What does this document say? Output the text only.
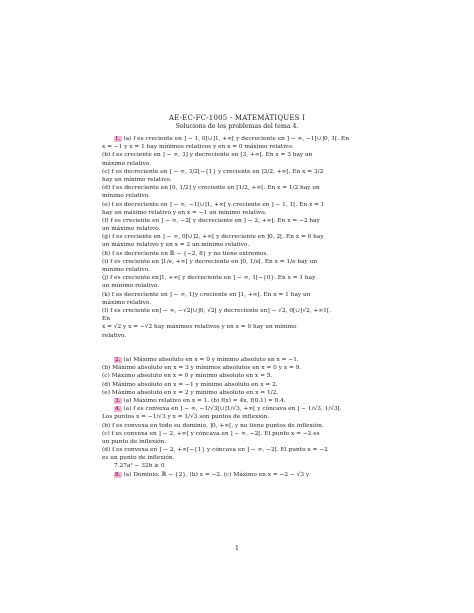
AE-EC-FC-1005 - MATEMÀTIQUES I
Solucions de los problemas del tema 4.
1. (a) f es creciente en ] − 1, 0[∪]1, +∞[ y decreciente en ] − ∞, −1[∪]0, 1[. En
x = −1 y x = 1 hay mínimos relativos y en x = 0 máximo relativo.
(b) f es creciente en ] − ∞, 3] y decreciente en [3, +∞[. En x = 3 hay un
máximo relativo.
(c) f es decreciente en ] − ∞, 3/2[−{1} y creciente en ]3/2, +∞[. En x = 3/2
hay un mínimo relativo.
(d) f es decreciente en [0, 1/2] y creciente en [1/2, +∞[. En x = 1/2 hay un
mínimo relativo.
(e) f es decreciente en ] − ∞, −1[∪]1, +∞[ y creciente en ] − 1, 1[. En x = 1
hay un máximo relativo y en x = −1 un mínimo relativo.
(f) f es creciente en ] − ∞, −2[ y decreciente en ] − 2, +∞[. En x = −2 hay
un máximo relativo.
(g) f es creciente en ] − ∞, 0[∪]2, +∞[ y decreciente en ]0, 2[. En x = 0 hay
un máximo relativo y en x = 2 un mínimo relativo.
(h) f es decreciente en ℝ − {−2, 8} y no tiene extremos.
(i) f es creciente en ]1/e, +∞[ y decreciente en ]0, 1/e[. En x = 1/e hay un
mínimo relativo.
(j) f es creciente en]1, +∞[ y decreciente en ] − ∞, 1[−{0}. En x = 1 hay
un mínimo relativo.
(k) f es decreciente en ] − ∞, 1[y creciente en ]1, +∞[. En x = 1 hay un
máximo relativo.
(l) f es creciente en] − ∞, −√2[∪]0, √2[ y decreciente en] − √2, 0[∪]√2, +∞1[.
En
x = √2 y x = −√2 hay máximos relativos y en x = 0 hay un mínimo
relativo.
2. (a) Máximo absoluto en x = 0 y mínimo absoluto en x = −1.
(b) Máximo absoluto en x = 3 y mínimos absolutos en x = 0 y x = 9.
(c) Máximo absoluto en x = 0 y mínimo absoluto en x = 5.
(d) Máximo absoluto en x = −1 y mínimo absoluto en x = 2.
(e) Máximo absoluto en x = 2 y mínimo absoluto en x = 1/2.
3. (a) Máximo relativo en x = 1. (b) f(x) ≃ 4x, f(0.1) ≃ 0.4.
4. (a) f es convexa en ] − ∞, −1/√3[∪]1/√3, +∞[ y cóncava en ] − 1/√3, 1/√3[.
Los puntos x = −1/√3 y x = 1/√3 son puntos de inflexión.
(b) f es convexa en todo su dominio, ]0, +∞[, y no tiene puntos de inflexión.
(c) f es convexa en ] − 2, +∞[ y cóncava en ] − ∞, −2[. El punto x = −2 es
un punto de inflexión.
(d) f es convexa en ] − 2, +∞[−{1} y cóncava en ] − ∞, −2[. El punto x = −2
es un punto de inflexión.
7.27a² − 32b ≥ 0
8. (a) Dominio: ℝ − {2}. (b) x = −2. (c) Máximo en x = −2 − √3 y
1
